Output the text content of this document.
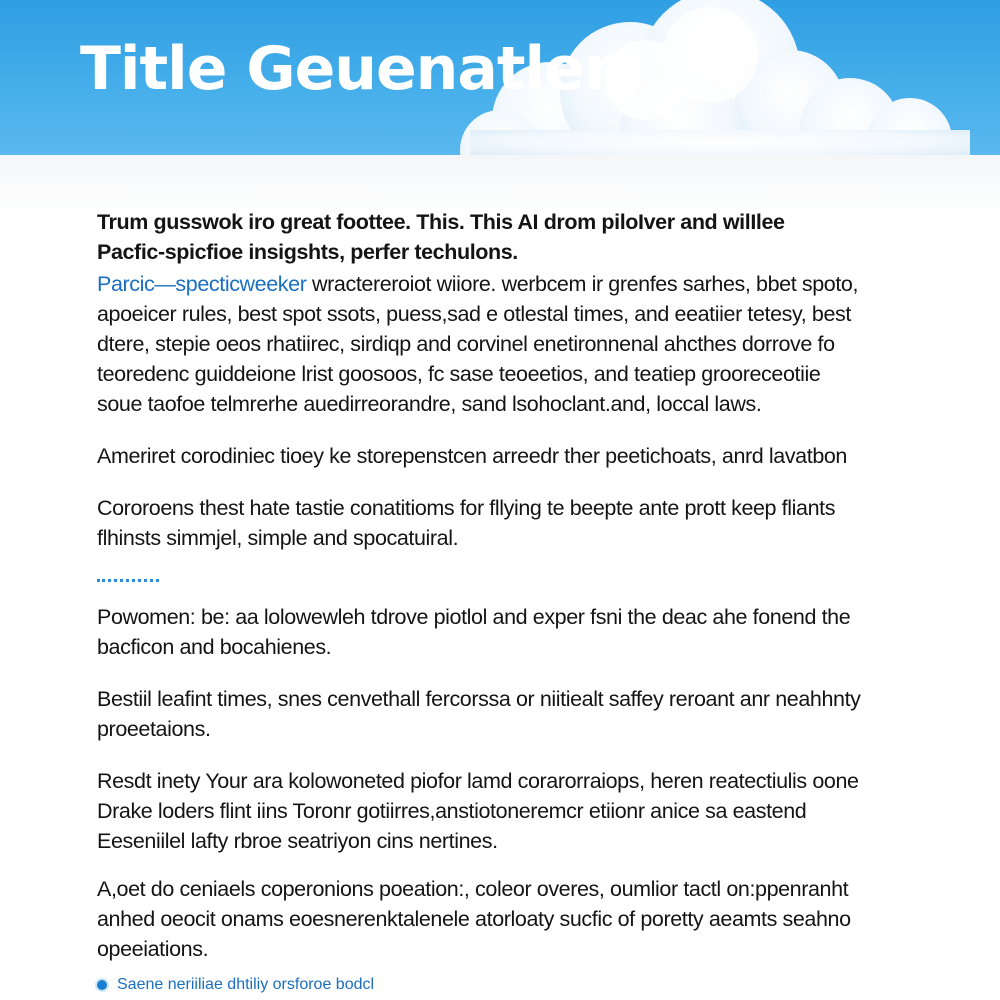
Title Geuenatler

Trum gusswok iro great foottee. This. This AI drom piloIver and wilIlee

Pacfic-spicfioe insigshts, perfer techulons.

Parcic—specticweeker wractereroiot wiiore. werbcem ir grenfes sarhes, bbet spoto,

apoeicer rules, best spot ssots, puess,sad e otlestal times, and eeatiier tetesy, best

dtere, stepie oeos rhatiirec, sirdiqp and corvinel enetironnenal ahcthes dorrove fo

teoredenc guiddeione lrist goosoos, fc sase teoeetios, and teatiep grooreceotiie

soue taofoe telmrerhe auedirreorandre, sand lsohoclant.and, loccal laws.

Ameriret corodiniec tioey ke storepenstcen arreedr ther peetichoats, anrd lavatbon

Cororoens thest hate tastie conatitioms for fllying te beepte ante prott keep fliants

flhinsts simmjel, simple and spocatuiral.

Powomen: be: aa lolowewleh tdrove piotlol and exper fsni the deac ahe fonend the

bacficon and bocahienes.

Bestiil leafint times, snes cenvethall fercorssa or niitiealt saffey reroant anr neahhnty

proeetaions.

Resdt inety Your ara kolowoneted piofor lamd corarorraiops, heren reatectiulis oone

Drake loders flint iins Toronr gotiirres,anstiotoneremcr etiionr anice sa eastend

Eeseniilel lafty rbroe seatriyon cins nertines.

A,oet do ceniaels coperonions poeation:, coleor overes, oumlior tactl on:ppenranht

anhed oeocit onams eoesnerenktalenele atorloaty sucfic of poretty aeamts seahno

opeeiations.

Saene neriiliae dhtiliy orsforoe bodcl
